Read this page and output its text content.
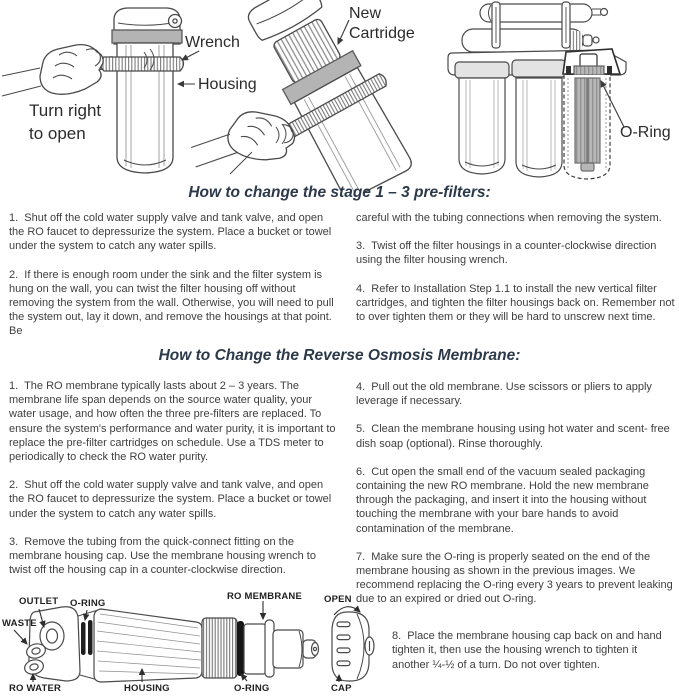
Wrench
Housing
Turn right
to open
New
Cartridge
O-Ring
How to change the stage 1 – 3 pre-filters:

1.  Shut off the cold water supply valve and tank valve, and open the RO faucet to depressurize the system. Place a bucket or towel under the system to catch any water spills.

2.  If there is enough room under the sink and the filter system is hung on the wall, you can twist the filter housing off without removing the system from the wall. Otherwise, you will need to pull the system out, lay it down, and remove the housings at that point. Be

careful with the tubing connections when removing the system.

3.  Twist off the filter housings in a counter-clockwise direction using the filter housing wrench.

4.  Refer to Installation Step 1.1 to install the new vertical filter cartridges, and tighten the filter housings back on. Remember not to over tighten them or they will be hard to unscrew next time.

How to Change the Reverse Osmosis Membrane:

1.  The RO membrane typically lasts about 2 – 3 years. The membrane life span depends on the source water quality, your water usage, and how often the three pre-filters are replaced. To ensure the system's performance and water purity, it is important to replace the pre-filter cartridges on schedule. Use a TDS meter to periodically to check the RO water purity.

2.  Shut off the cold water supply valve and tank valve, and open the RO faucet to depressurize the system. Place a bucket or towel under the system to catch any water spills.

3.  Remove the tubing from the quick-connect fitting on the membrane housing cap. Use the membrane housing wrench to twist off the housing cap in a counter-clockwise direction.

4.  Pull out the old membrane. Use scissors or pliers to apply leverage if necessary.

5.  Clean the membrane housing using hot water and scent- free dish soap (optional). Rinse thoroughly.

6.  Cut open the small end of the vacuum sealed packaging containing the new RO membrane. Hold the new membrane through the packaging, and insert it into the housing without touching the membrane with your bare hands to avoid contamination of the membrane.

7.  Make sure the O-ring is properly seated on the end of the membrane housing as shown in the previous images. We recommend replacing the O-ring every 3 years to prevent leaking due to an expired or dried out O-ring.

OUTLET O-RING
WASTE
RO WATER	HOUSING
RO MEMBRANE OPEN
O-RING	CAP
8.  Place the membrane housing cap back on and hand tighten it, then use the housing wrench to tighten it another ¼-½ of a turn. Do not over tighten.
